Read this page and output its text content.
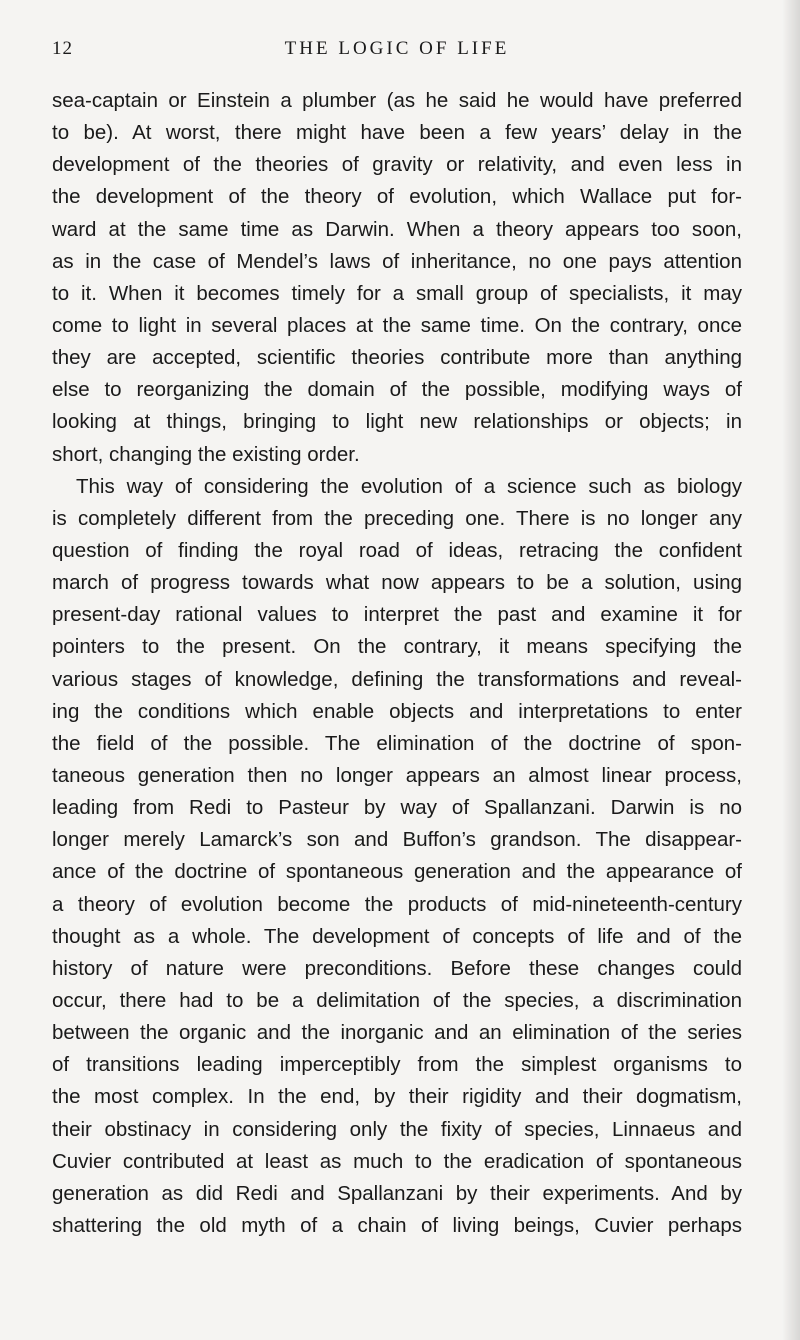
12	THE LOGIC OF LIFE
sea-captain or Einstein a plumber (as he said he would have preferred
to be). At worst, there might have been a few years’ delay in the
development of the theories of gravity or relativity, and even less in
the development of the theory of evolution, which Wallace put for-
ward at the same time as Darwin. When a theory appears too soon,
as in the case of Mendel’s laws of inheritance, no one pays attention
to it. When it becomes timely for a small group of specialists, it may
come to light in several places at the same time. On the contrary, once
they are accepted, scientific theories contribute more than anything
else to reorganizing the domain of the possible, modifying ways of
looking at things, bringing to light new relationships or objects; in
short, changing the existing order.
This way of considering the evolution of a science such as biology
is completely different from the preceding one. There is no longer any
question of finding the royal road of ideas, retracing the confident
march of progress towards what now appears to be a solution, using
present-day rational values to interpret the past and examine it for
pointers to the present. On the contrary, it means specifying the
various stages of knowledge, defining the transformations and reveal-
ing the conditions which enable objects and interpretations to enter
the field of the possible. The elimination of the doctrine of spon-
taneous generation then no longer appears an almost linear process,
leading from Redi to Pasteur by way of Spallanzani. Darwin is no
longer merely Lamarck’s son and Buffon’s grandson. The disappear-
ance of the doctrine of spontaneous generation and the appearance of
a theory of evolution become the products of mid-nineteenth-century
thought as a whole. The development of concepts of life and of the
history of nature were preconditions. Before these changes could
occur, there had to be a delimitation of the species, a discrimination
between the organic and the inorganic and an elimination of the series
of transitions leading imperceptibly from the simplest organisms to
the most complex. In the end, by their rigidity and their dogmatism,
their obstinacy in considering only the fixity of species, Linnaeus and
Cuvier contributed at least as much to the eradication of spontaneous
generation as did Redi and Spallanzani by their experiments. And by
shattering the old myth of a chain of living beings, Cuvier perhaps
